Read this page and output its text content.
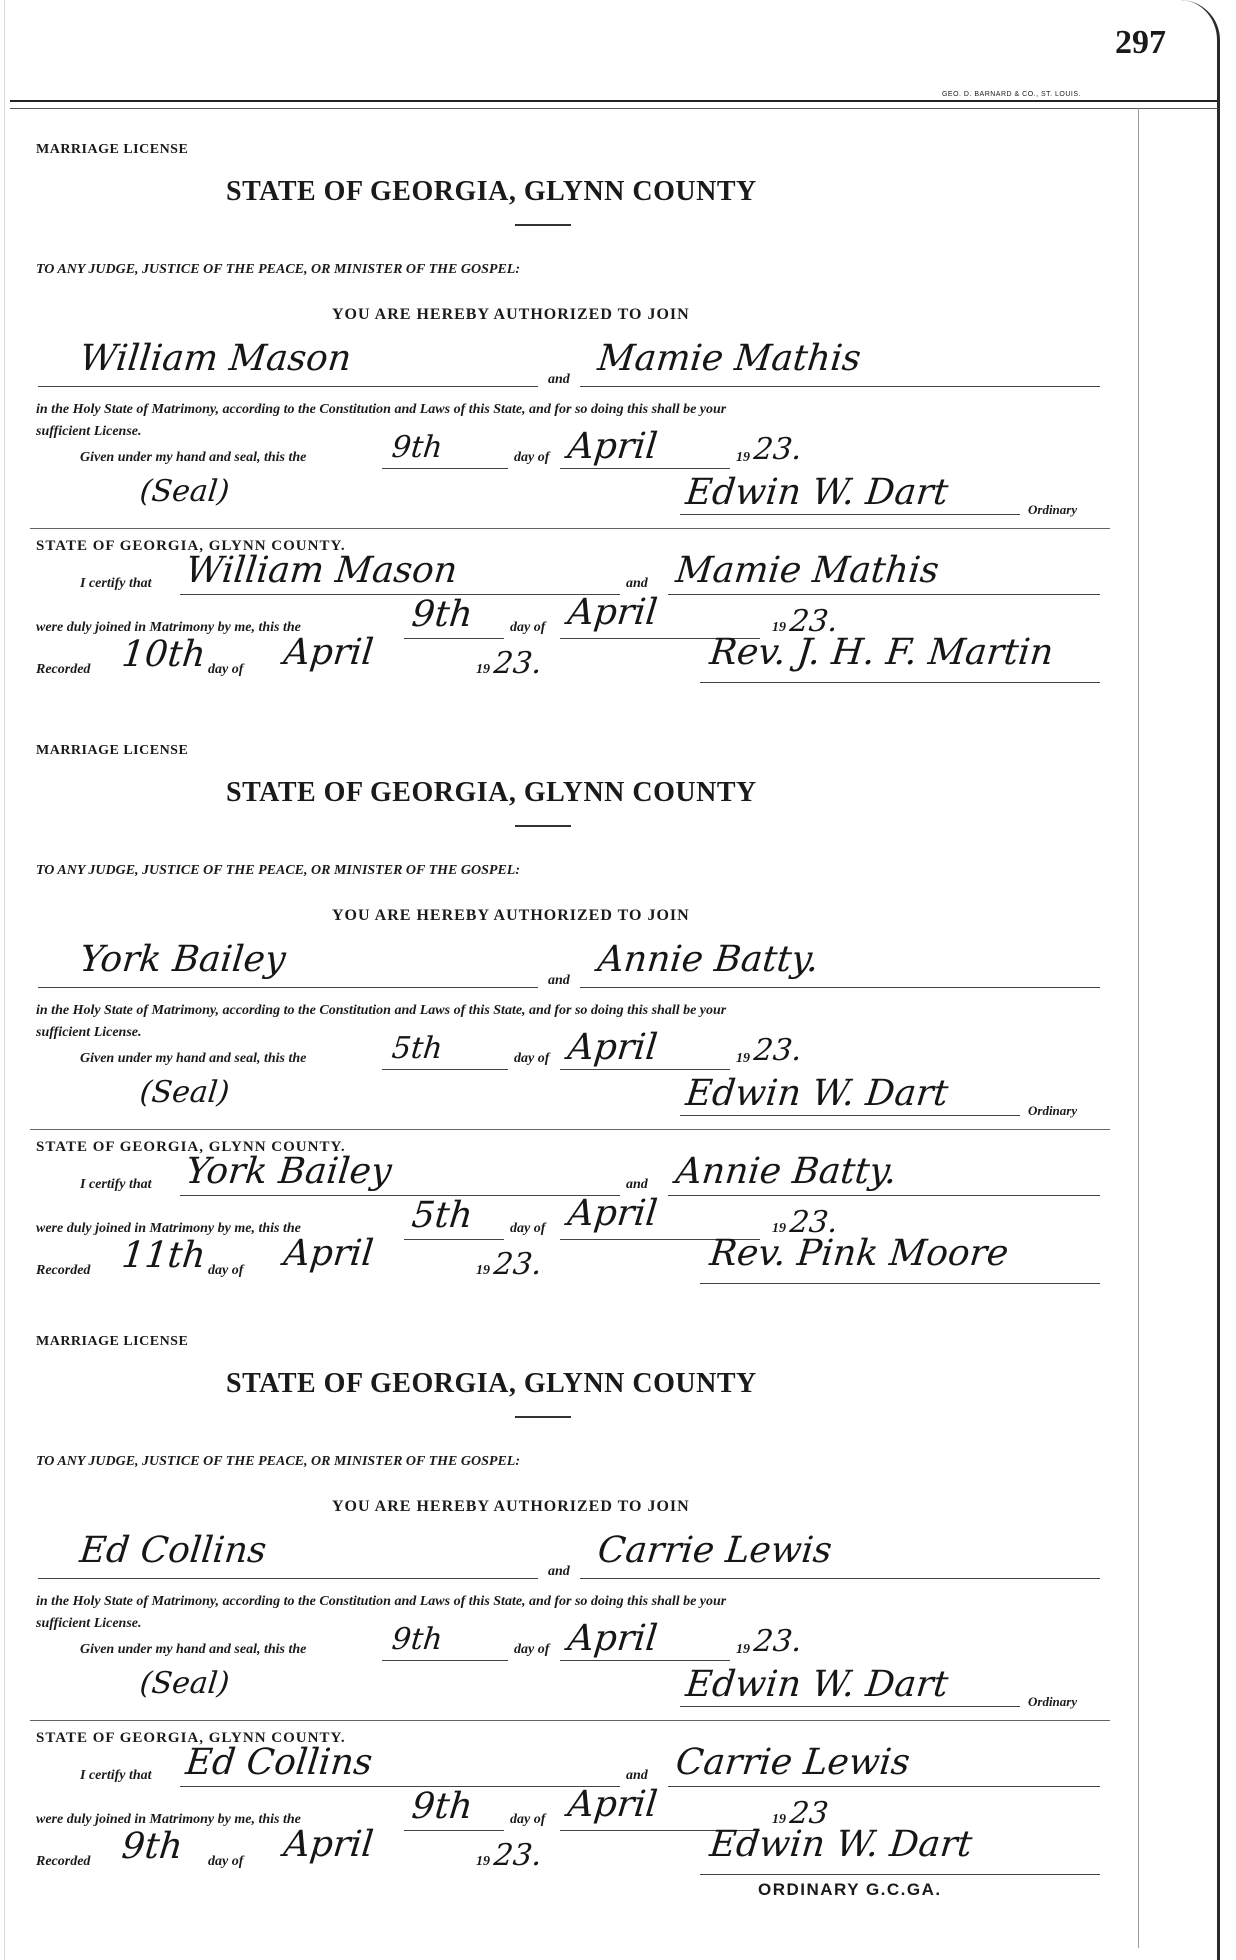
297
GEO. D. BARNARD & CO., ST. LOUIS.
MARRIAGE LICENSE
STATE OF GEORGIA, GLYNN COUNTY
TO ANY JUDGE, JUSTICE OF THE PEACE, OR MINISTER OF THE GOSPEL:
YOU ARE HEREBY AUTHORIZED TO JOIN
William Mason
and
Mamie Mathis
in the Holy State of Matrimony, according to the Constitution and Laws of this State, and for so doing this shall be your
sufficient License.
Given under my hand and seal, this the	9th	day of April	19 23.
(Seal)	Edwin W. Dart	Ordinary
STATE OF GEORGIA, GLYNN COUNTY.
I certify that William Mason	and Mamie Mathis
were duly joined in Matrimony by me, this the	9th	day of April	19 23.
Recorded 10th day of April	19 23.	Rev. J. H. F. Martin
MARRIAGE LICENSE
STATE OF GEORGIA, GLYNN COUNTY
TO ANY JUDGE, JUSTICE OF THE PEACE, OR MINISTER OF THE GOSPEL:
YOU ARE HEREBY AUTHORIZED TO JOIN
York Bailey
and
Annie Batty.
in the Holy State of Matrimony, according to the Constitution and Laws of this State, and for so doing this shall be your
sufficient License.
Given under my hand and seal, this the	5th	day of April	19 23.
(Seal)	Edwin W. Dart	Ordinary
STATE OF GEORGIA, GLYNN COUNTY.
I certify that York Bailey	and Annie Batty.
were duly joined in Matrimony by me, this the	5th	day of April	19 23.
Recorded 11th day of April	19 23.	Rev. Pink Moore
MARRIAGE LICENSE
STATE OF GEORGIA, GLYNN COUNTY
TO ANY JUDGE, JUSTICE OF THE PEACE, OR MINISTER OF THE GOSPEL:
YOU ARE HEREBY AUTHORIZED TO JOIN
Ed Collins
and
Carrie Lewis
in the Holy State of Matrimony, according to the Constitution and Laws of this State, and for so doing this shall be your
sufficient License.
Given under my hand and seal, this the	9th	day of April	19 23.
(Seal)	Edwin W. Dart	Ordinary
STATE OF GEORGIA, GLYNN COUNTY.
I certify that Ed Collins	and Carrie Lewis
were duly joined in Matrimony by me, this the	9th	day of April	19 23
Recorded 9th day of April	19 23.	Edwin W. Dart
ORDINARY G.C.GA.
